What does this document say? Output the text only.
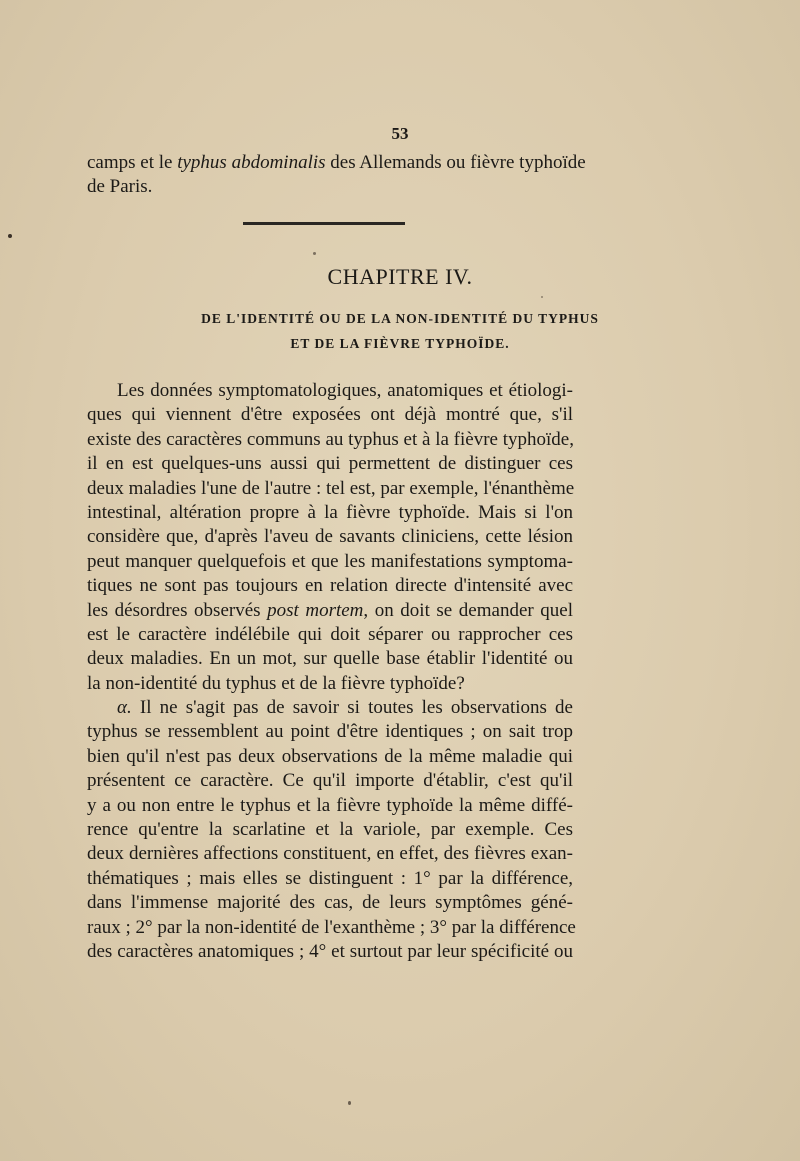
53
camps et le typhus abdominalis des Allemands ou fièvre typhoïde
de Paris.
CHAPITRE IV.
DE L'IDENTITÉ OU DE LA NON-IDENTITÉ DU TYPHUS
ET DE LA FIÈVRE TYPHOÏDE.
Les données symptomatologiques, anatomiques et étiologi-
ques qui viennent d'être exposées ont déjà montré que, s'il
existe des caractères communs au typhus et à la fièvre typhoïde,
il en est quelques-uns aussi qui permettent de distinguer ces
deux maladies l'une de l'autre : tel est, par exemple, l'énanthème
intestinal, altération propre à la fièvre typhoïde. Mais si l'on
considère que, d'après l'aveu de savants cliniciens, cette lésion
peut manquer quelquefois et que les manifestations symptoma-
tiques ne sont pas toujours en relation directe d'intensité avec
les désordres observés post mortem, on doit se demander quel
est le caractère indélébile qui doit séparer ou rapprocher ces
deux maladies. En un mot, sur quelle base établir l'identité ou
la non-identité du typhus et de la fièvre typhoïde?
α. Il ne s'agit pas de savoir si toutes les observations de
typhus se ressemblent au point d'être identiques ; on sait trop
bien qu'il n'est pas deux observations de la même maladie qui
présentent ce caractère. Ce qu'il importe d'établir, c'est qu'il
y a ou non entre le typhus et la fièvre typhoïde la même diffé-
rence qu'entre la scarlatine et la variole, par exemple. Ces
deux dernières affections constituent, en effet, des fièvres exan-
thématiques ; mais elles se distinguent : 1° par la différence,
dans l'immense majorité des cas, de leurs symptômes géné-
raux ; 2° par la non-identité de l'exanthème ; 3° par la différence
des caractères anatomiques ; 4° et surtout par leur spécificité ou
